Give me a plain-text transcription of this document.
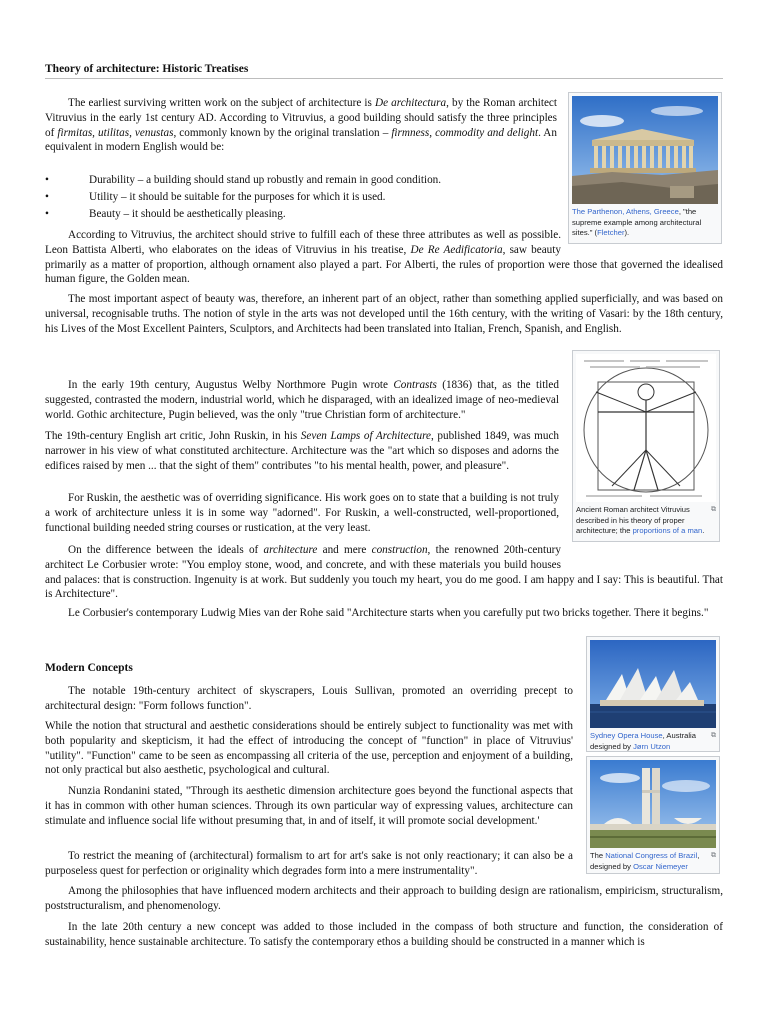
Theory of architecture: Historic Treatises

The earliest surviving written work on the subject of architecture is De architectura, by the Roman architect Vitruvius in the early 1st century AD. According to Vitruvius, a good building should satisfy the three principles of firmitas, utilitas, venustas, commonly known by the original translation – firmness, commodity and delight. An equivalent in modern English would be:

•	Durability – a building should stand up robustly and remain in good condition.
•	Utility – it should be suitable for the purposes for which it is used.
•	Beauty – it should be aesthetically pleasing.

According to Vitruvius, the architect should strive to fulfill each of these three attributes as well as possible. Leon Battista Alberti, who elaborates on the ideas of Vitruvius in his treatise, De Re Aedificatoria, saw beauty primarily as a matter of proportion, although ornament also played a part. For Alberti, the rules of proportion were those that governed the idealised human figure, the Golden mean.

The most important aspect of beauty was, therefore, an inherent part of an object, rather than something applied superficially, and was based on universal, recognisable truths. The notion of style in the arts was not developed until the 16th century, with the writing of Vasari: by the 18th century, his Lives of the Most Excellent Painters, Sculptors, and Architects had been translated into Italian, French, Spanish, and English.

In the early 19th century, Augustus Welby Northmore Pugin wrote Contrasts (1836) that, as the titled suggested, contrasted the modern, industrial world, which he disparaged, with an idealized image of neo-medieval world. Gothic architecture, Pugin believed, was the only "true Christian form of architecture."

The 19th-century English art critic, John Ruskin, in his Seven Lamps of Architecture, published 1849, was much narrower in his view of what constituted architecture. Architecture was the "art which so disposes and adorns the edifices raised by men ... that the sight of them" contributes "to his mental health, power, and pleasure".

For Ruskin, the aesthetic was of overriding significance. His work goes on to state that a building is not truly a work of architecture unless it is in some way "adorned". For Ruskin, a well-constructed, well-proportioned, functional building needed string courses or rustication, at the very least.

On the difference between the ideals of architecture and mere construction, the renowned 20th-century architect Le Corbusier wrote: "You employ stone, wood, and concrete, and with these materials you build houses and palaces: that is construction. Ingenuity is at work. But suddenly you touch my heart, you do me good. I am happy and I say: This is beautiful. That is Architecture".

Le Corbusier's contemporary Ludwig Mies van der Rohe said "Architecture starts when you carefully put two bricks together. There it begins."

Modern Concepts

The notable 19th-century architect of skyscrapers, Louis Sullivan, promoted an overriding precept to architectural design: "Form follows function".

While the notion that structural and aesthetic considerations should be entirely subject to functionality was met with both popularity and skepticism, it had the effect of introducing the concept of "function" in place of Vitruvius' "utility". "Function" came to be seen as encompassing all criteria of the use, perception and enjoyment of a building, not only practical but also aesthetic, psychological and cultural.

Nunzia Rondanini stated, "Through its aesthetic dimension architecture goes beyond the functional aspects that it has in common with other human sciences. Through its own particular way of expressing values, architecture can stimulate and influence social life without presuming that, in and of itself, it will promote social development.'

To restrict the meaning of (architectural) formalism to art for art's sake is not only reactionary; it can also be a purposeless quest for perfection or originality which degrades form into a mere instrumentality".

Among the philosophies that have influenced modern architects and their approach to building design are rationalism, empiricism, structuralism, poststructuralism, and phenomenology.

In the late 20th century a new concept was added to those included in the compass of both structure and function, the consideration of sustainability, hence sustainable architecture. To satisfy the contemporary ethos a building should be constructed in a manner which is

The Parthenon, Athens, Greece, "the supreme example among architectural sites." (Fletcher).
⧉
Ancient Roman architect Vitruvius described in his theory of proper architecture; the proportions of a man.
⧉
Sydney Opera House, Australia designed by Jørn Utzon
⧉
The National Congress of Brazil, designed by Oscar Niemeyer
